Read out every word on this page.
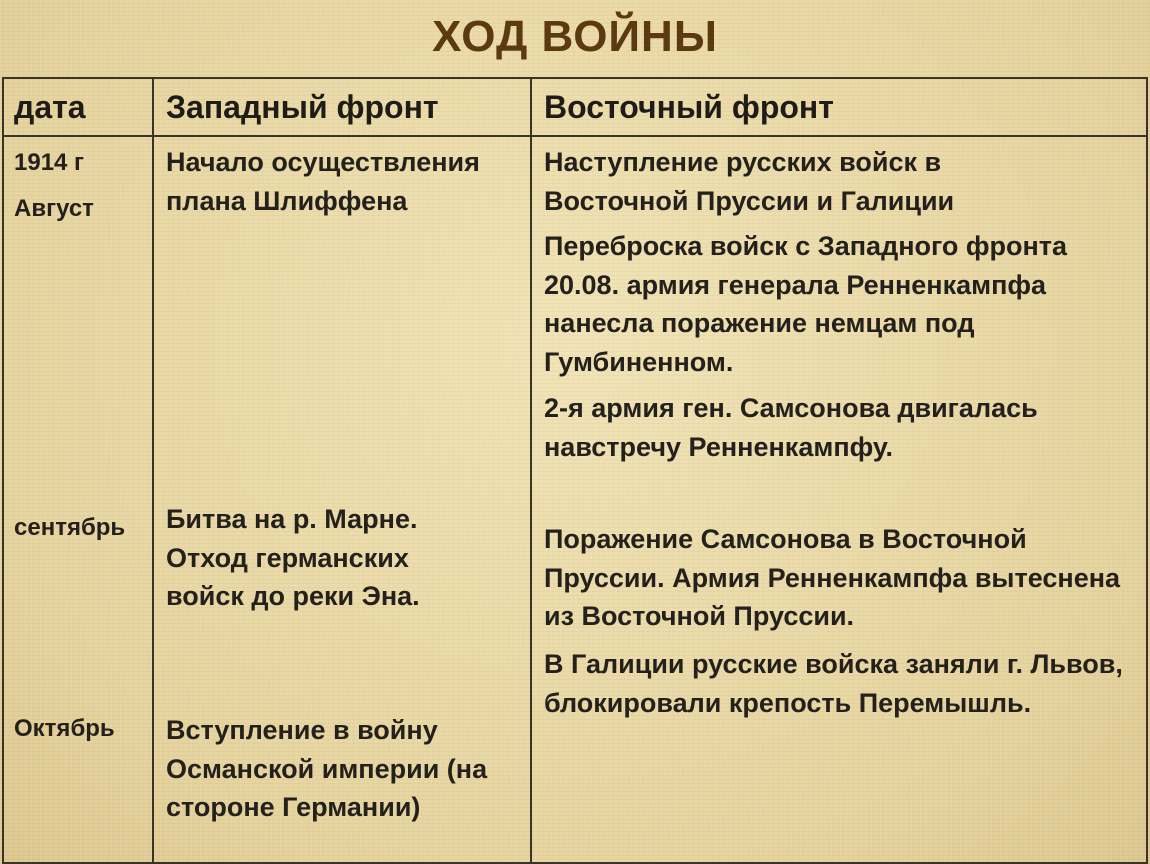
ХОД ВОЙНЫ
дата	Западный фронт	Восточный фронт
1914 г
Август
сентябрь
Октябрь
Начало осуществления плана Шлиффена
Битва на р. Марне. Отход германских войск до реки Эна.
Вступление в войну Османской империи (на стороне Германии)

Наступление русских войск в Восточной Пруссии и Галиции

Переброска войск с Западного фронта 20.08. армия генерала Ренненкампфа нанесла поражение немцам под Гумбиненном.

2-я армия ген. Самсонова двигалась навстречу Ренненкампфу.

Поражение Самсонова в Восточной Пруссии. Армия Ренненкампфа вытеснена из Восточной Пруссии.

В Галиции русские войска заняли г. Львов, блокировали крепость Перемышль.
